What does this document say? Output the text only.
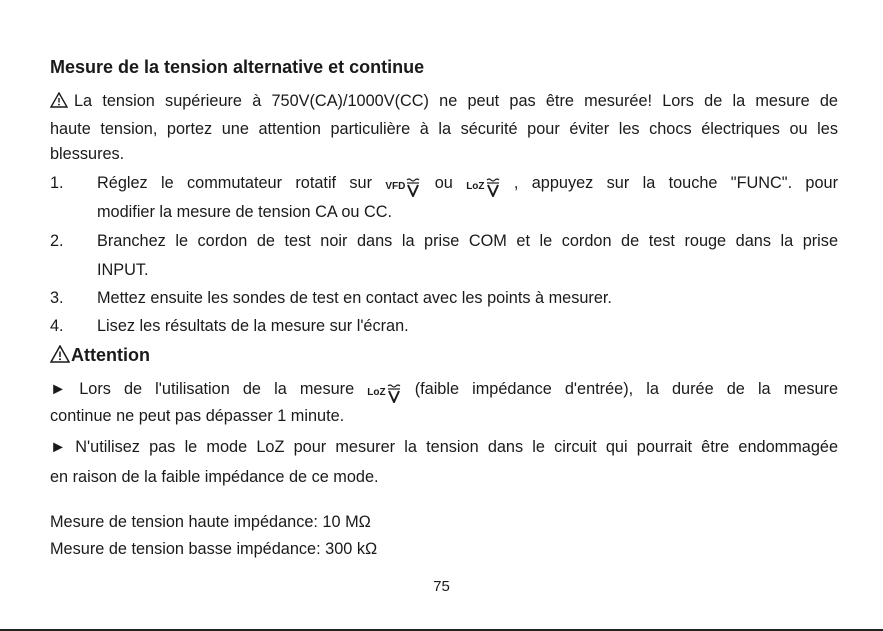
Mesure de la tension alternative et continue
La tension supérieure à 750V(CA)/1000V(CC) ne peut pas être mesurée! Lors de la mesure de
haute tension, portez une attention particulière à la sécurité pour éviter les chocs électriques ou les
blessures.
1. Réglez le commutateur rotatif sur $^{VFD}$ ou $^{LoZ}$ , appuyez sur la touche "FUNC". pour
modifier la mesure de tension CA ou CC.
2. Branchez le cordon de test noir dans la prise COM et le cordon de test rouge dans la prise
INPUT.
3. Mettez ensuite les sondes de test en contact avec les points à mesurer.
4. Lisez les résultats de la mesure sur l'écran.
Attention
► Lors de l'utilisation de la mesure $^{LoZ}$ (faible impédance d'entrée), la durée de la mesure
continue ne peut pas dépasser 1 minute.
► N'utilisez pas le mode LoZ pour mesurer la tension dans le circuit qui pourrait être endommagée
en raison de la faible impédance de ce mode.
Mesure de tension haute impédance: 10 MΩ
Mesure de tension basse impédance: 300 kΩ
75
